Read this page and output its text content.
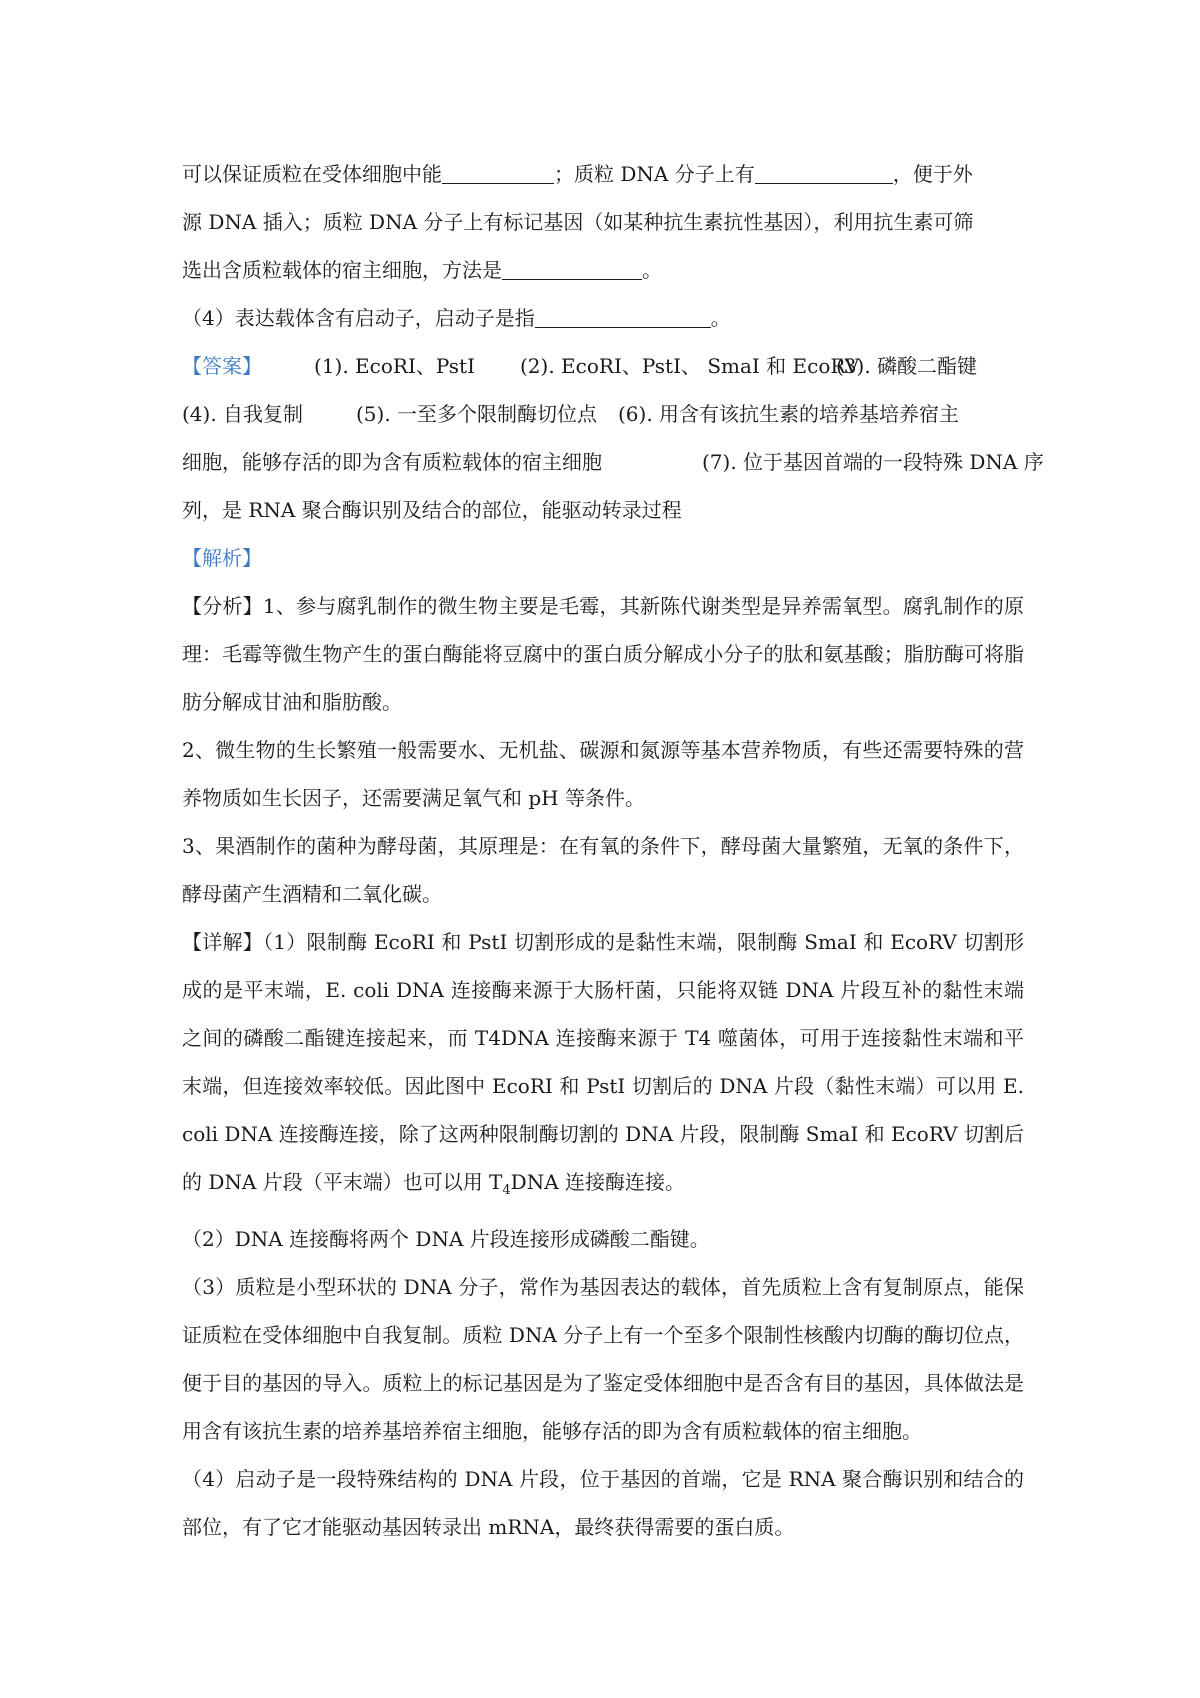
可以保证质粒在受体细胞中能	；质粒 DNA 分子上有	，便于外

源 DNA 插入；质粒 DNA 分子上有标记基因（如某种抗生素抗性基因），利用抗生素可筛

选出含质粒载体的宿主细胞，方法是	。

（4）表达载体含有启动子，启动子是指	。

【答案】	(1). EcoRI、PstI (2). EcoRI、PstI、 SmaI 和 EcoRV
(3). 磷酸二酯键
(4). 自我复制	(5). 一至多个限制酶切位点 (6). 用含有该抗生素的培养基培养宿主
细胞，能够存活的即为含有质粒载体的宿主细胞	(7). 位于基因首端的一段特殊 DNA 序
列，是 RNA 聚合酶识别及结合的部位，能驱动转录过程

【解析】

【分析】1、参与腐乳制作的微生物主要是毛霉，其新陈代谢类型是异养需氧型。腐乳制作的原理：毛霉等微生物产生的蛋白酶能将豆腐中的蛋白质分解成小分子的肽和氨基酸；脂肪酶可将脂肪分解成甘油和脂肪酸。

2、微生物的生长繁殖一般需要水、无机盐、碳源和氮源等基本营养物质，有些还需要特殊的营养物质如生长因子，还需要满足氧气和 pH 等条件。

3、果酒制作的菌种为酵母菌，其原理是：在有氧的条件下，酵母菌大量繁殖，无氧的条件下，酵母菌产生酒精和二氧化碳。

【详解】（1）限制酶 EcoRI 和 PstI 切割形成的是黏性末端，限制酶 SmaI 和 EcoRV 切割形成的是平末端，E. coli DNA 连接酶来源于大肠杆菌，只能将双链 DNA 片段互补的黏性末端之间的磷酸二酯键连接起来，而 T4DNA 连接酶来源于 T4 噬菌体，可用于连接黏性末端和平末端，但连接效率较低。因此图中 EcoRI 和 PstI 切割后的 DNA 片段（黏性末端）可以用 E. coli DNA 连接酶连接，除了这两种限制酶切割的 DNA 片段，限制酶 SmaI 和 EcoRV 切割后的 DNA 片段（平末端）也可以用 $T_4DNA$ 连接酶连接。

（2）DNA 连接酶将两个 DNA 片段连接形成磷酸二酯键。

（3）质粒是小型环状的 DNA 分子，常作为基因表达的载体，首先质粒上含有复制原点，能保证质粒在受体细胞中自我复制。质粒 DNA 分子上有一个至多个限制性核酸内切酶的酶切位点，便于目的基因的导入。质粒上的标记基因是为了鉴定受体细胞中是否含有目的基因，具体做法是用含有该抗生素的培养基培养宿主细胞，能够存活的即为含有质粒载体的宿主细胞。

（4）启动子是一段特殊结构的 DNA 片段，位于基因的首端，它是 RNA 聚合酶识别和结合的部位，有了它才能驱动基因转录出 mRNA，最终获得需要的蛋白质。
